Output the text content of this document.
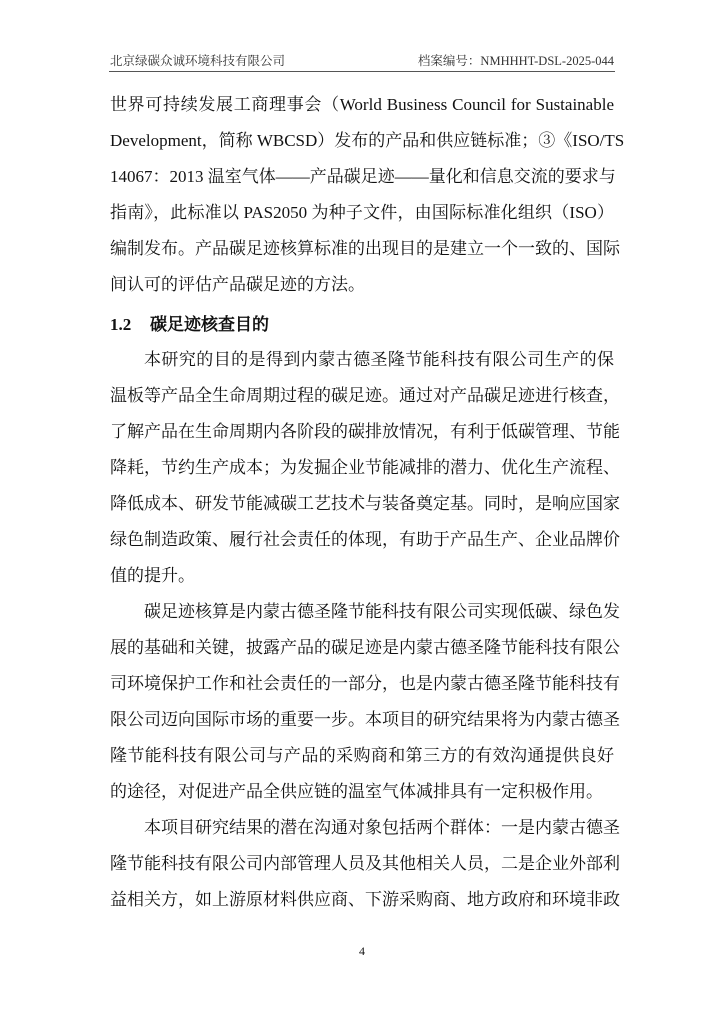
北京绿碳众诚环境科技有限公司	档案编号：NMHHHT-DSL-2025-044
世界可持续发展工商理事会（World Business Council for Sustainable
Development，简称 WBCSD）发布的产品和供应链标准；③《ISO/TS
14067：2013 温室气体——产品碳足迹——量化和信息交流的要求与
指南》，此标准以 PAS2050 为种子文件，由国际标准化组织（ISO）
编制发布。产品碳足迹核算标准的出现目的是建立一个一致的、国际
间认可的评估产品碳足迹的方法。
1.2 碳足迹核查目的
本研究的目的是得到内蒙古德圣隆节能科技有限公司生产的保
温板等产品全生命周期过程的碳足迹。通过对产品碳足迹进行核查，
了解产品在生命周期内各阶段的碳排放情况，有利于低碳管理、节能
降耗，节约生产成本；为发掘企业节能减排的潜力、优化生产流程、
降低成本、研发节能减碳工艺技术与装备奠定基。同时，是响应国家
绿色制造政策、履行社会责任的体现，有助于产品生产、企业品牌价
值的提升。
碳足迹核算是内蒙古德圣隆节能科技有限公司实现低碳、绿色发
展的基础和关键，披露产品的碳足迹是内蒙古德圣隆节能科技有限公
司环境保护工作和社会责任的一部分，也是内蒙古德圣隆节能科技有
限公司迈向国际市场的重要一步。本项目的研究结果将为内蒙古德圣
隆节能科技有限公司与产品的采购商和第三方的有效沟通提供良好
的途径，对促进产品全供应链的温室气体减排具有一定积极作用。
本项目研究结果的潜在沟通对象包括两个群体：一是内蒙古德圣
隆节能科技有限公司内部管理人员及其他相关人员，二是企业外部利
益相关方，如上游原材料供应商、下游采购商、地方政府和环境非政
4
